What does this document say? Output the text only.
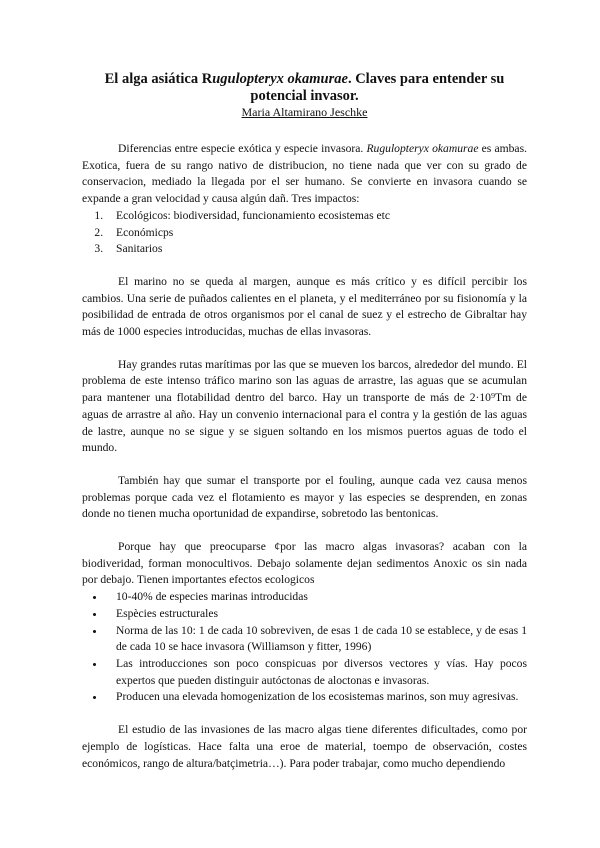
El alga asiática Rugulopteryx okamurae. Claves para entender su potencial invasor.
Maria Altamirano Jeschke

Diferencias entre especie exótica y especie invasora. Rugulopteryx okamurae es ambas. Exotica, fuera de su rango nativo de distribucion, no tiene nada que ver con su grado de conservacion, mediado la llegada por el ser humano. Se convierte en invasora cuando se expande a gran velocidad y causa algún dañ. Tres impactos:

1. Ecológicos: biodiversidad, funcionamiento ecosistemas etc
2. Económicps
3. Sanitarios

El marino no se queda al margen, aunque es más crítico y es difícil percibir los cambios. Una serie de puñados calientes en el planeta, y el mediterráneo por su fisionomía y la posibilidad de entrada de otros organismos por el canal de suez y el estrecho de Gibraltar hay más de 1000 especies introducidas, muchas de ellas invasoras.

Hay grandes rutas marítimas por las que se mueven los barcos, alrededor del mundo. El problema de este intenso tráfico marino son las aguas de arrastre, las aguas que se acumulan para mantener una flotabilidad dentro del barco. Hay un transporte de más de 2·10⁹Tm de aguas de arrastre al año. Hay un convenio internacional para el contra y la gestión de las aguas de lastre, aunque no se sigue y se siguen soltando en los mismos puertos aguas de todo el mundo.

También hay que sumar el transporte por el fouling, aunque cada vez causa menos problemas porque cada vez el flotamiento es mayor y las especies se desprenden, en zonas donde no tienen mucha oportunidad de expandirse, sobretodo las bentonicas.

Porque hay que preocuparse ¢por las macro algas invasoras? acaban con la biodiveridad, forman monocultivos. Debajo solamente dejan sedimentos Anoxic os sin nada por debajo. Tienen importantes efectos ecologicos

• 10-40% de especies marinas introducidas
• Espècies estructurales
• Norma de las 10: 1 de cada 10 sobreviven, de esas 1 de cada 10 se establece, y de esas 1 de cada 10 se hace invasora (Williamson y fitter, 1996)
• Las introducciones son poco conspicuas por diversos vectores y vías. Hay pocos expertos que pueden distinguir autóctonas de aloctonas e invasoras.
• Producen una elevada homogenization de los ecosistemas marinos, son muy agresivas.

El estudio de las invasiones de las macro algas tiene diferentes dificultades, como por ejemplo de logísticas. Hace falta una eroe de material, toempo de observación, costes económicos, rango de altura/batçimetria…). Para poder trabajar, como mucho dependiendo
